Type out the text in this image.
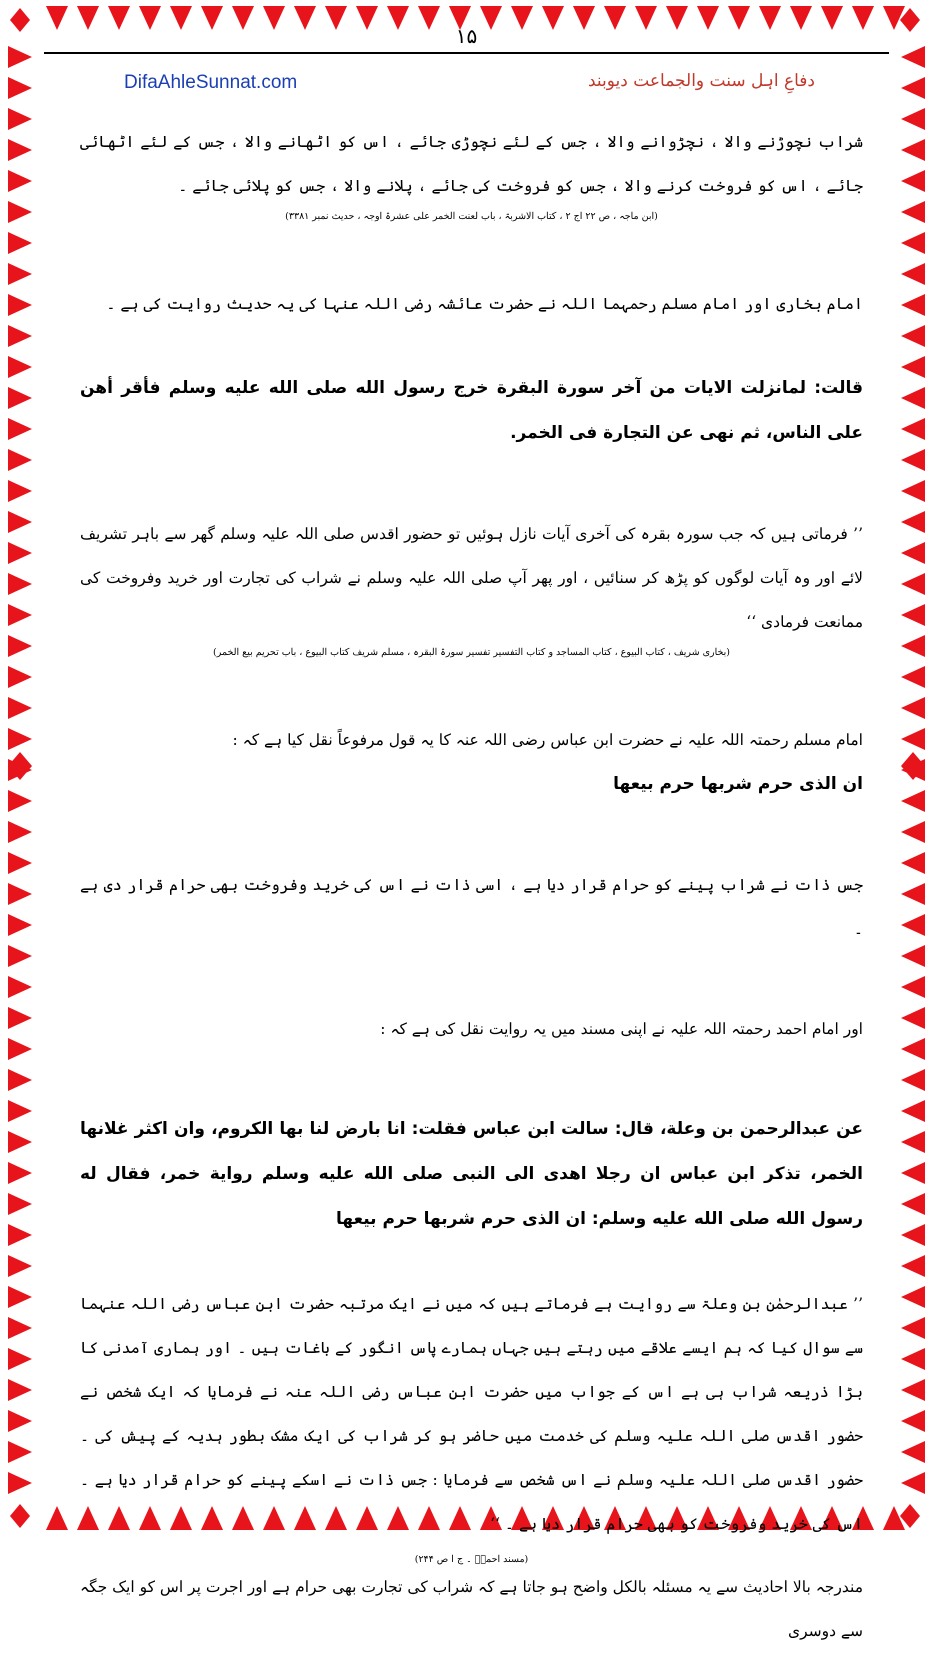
۱۵
DifaAhleSunnat.com	دفاعِ اہل سنت والجماعت دیوبند

شراب نچوڑنے والا ، نچڑوانے والا ، جس کے لئے نچوڑی جائے ، اس کو اٹھانے والا ، جس کے لئے اٹھائی جائے ، اس کو فروخت کرنے والا ، جس کو فروخت کی جائے ، پلانے والا ، جس کو پلائی جائے ۔

(ابن ماجہ ، ص ۲۲ اج ۲ ، کتاب الاشربۃ ، باب لعنت الخمر علی عشرۃ اوجہ ، حدیث نمبر ۳۳۸۱)

امام بخاری اور امام مسلم رحمہما اللہ نے حضرت عائشہ رضی اللہ عنہا کی یہ حدیث روایت کی ہے ۔

قالت: لمانزلت الايات من آخر سورة البقرة خرج رسول الله صلى الله عليه وسلم فأقر أهن على الناس، ثم نهى عن التجارة فى الخمر.

’’ فرماتی ہیں کہ جب سورہ بقرہ کی آخری آیات نازل ہوئیں تو حضور اقدس صلی اللہ علیہ وسلم گھر سے باہر تشریف لائے اور وہ آیات لوگوں کو پڑھ کر سنائیں ، اور پھر آپ صلی اللہ علیہ وسلم نے شراب کی تجارت اور خرید وفروخت کی ممانعت فرمادی ‘‘

(بخاری شریف ، کتاب البیوع ، کتاب المساجد و کتاب التفسیر تفسیر سورۃ البقرہ ، مسلم شریف کتاب البیوع ، باب تحریم بیع الخمر)

امام مسلم رحمتہ اللہ علیہ نے حضرت ابن عباس رضی اللہ عنہ کا یہ قول مرفوعاً نقل کیا ہے کہ :

ان الذى حرم شربها حرم بيعها

جس ذات نے شراب پینے کو حرام قرار دیا ہے ، اسی ذات نے اس کی خرید وفروخت بھی حرام قرار دی ہے ۔

اور امام احمد رحمتہ اللہ علیہ نے اپنی مسند میں یہ روایت نقل کی ہے کہ :

عن عبدالرحمن بن وعلة، قال: سالت ابن عباس فقلت: انا بارض لنا بها الكروم، وان اكثر غلانها الخمر، تذكر ابن عباس ان رجلا اهدى الى النبى صلى الله عليه وسلم رواية خمر، فقال له رسول الله صلى الله عليه وسلم: ان الذى حرم شربها حرم بيعها

’’ عبدالرحمٰن بن وعلۃ سے روایت ہے فرماتے ہیں کہ میں نے ایک مرتبہ حضرت ابن عباس رضی اللہ عنہما سے سوال کیا کہ ہم ایسے علاقے میں رہتے ہیں جہاں ہمارے پاس انگور کے باغات ہیں ۔ اور ہماری آمدنی کا بڑا ذریعہ شراب ہی ہے اس کے جواب میں حضرت ابن عباس رضی اللہ عنہ نے فرمایا کہ ایک شخص نے حضور اقدس صلی اللہ علیہ وسلم کی خدمت میں حاضر ہو کر شراب کی ایک مشک بطور ہدیہ کے پیش کی ۔ حضور اقدس صلی اللہ علیہ وسلم نے اس شخص سے فرمایا : جس ذات نے اسکے پینے کو حرام قرار دیا ہے ۔ اس کی خرید وفروخت کو بھی حرام قرار دیا ہے ۔ ‘‘

(مسند احمدؒ ۔ ج ا ص ۲۴۴)

مندرجہ بالا احادیث سے یہ مسئلہ بالکل واضح ہو جاتا ہے کہ شراب کی تجارت بھی حرام ہے اور اجرت پر اس کو ایک جگہ سے دوسری
